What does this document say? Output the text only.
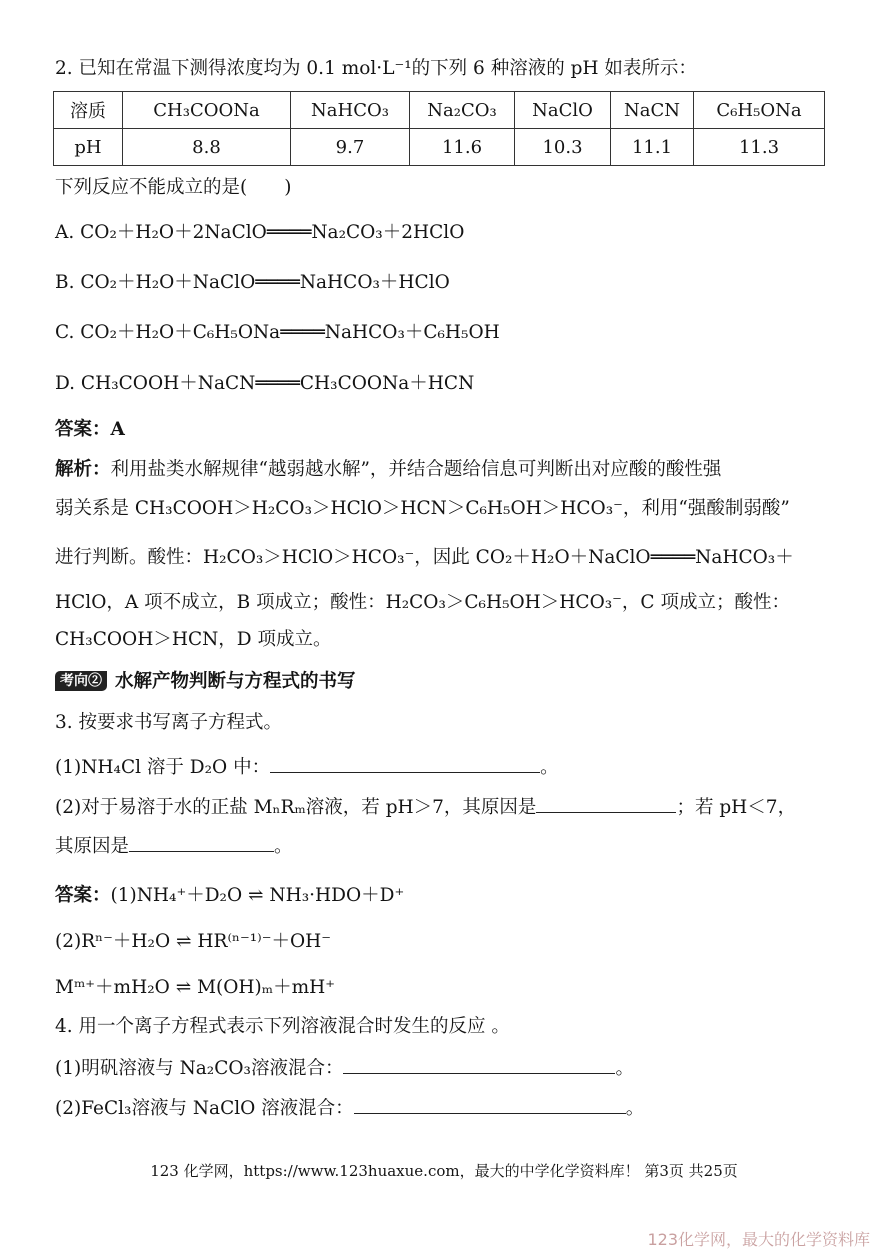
2. 已知在常温下测得浓度均为 0.1 mol·L⁻¹的下列 6 种溶液的 pH 如表所示：
溶质	CH₃COONa	NaHCO₃	Na₂CO₃	NaClO	NaCN	C₆H₅ONa
pH	8.8	9.7	11.6	10.3	11.1	11.3
下列反应不能成立的是(　　)
A. CO₂＋H₂O＋2NaClO════Na₂CO₃＋2HClO
B. CO₂＋H₂O＋NaClO════NaHCO₃＋HClO
C. CO₂＋H₂O＋C₆H₅ONa════NaHCO₃＋C₆H₅OH
D. CH₃COOH＋NaCN════CH₃COONa＋HCN
答案：A
解析：利用盐类水解规律“越弱越水解”，并结合题给信息可判断出对应酸的酸性强
弱关系是 CH₃COOH＞H₂CO₃＞HClO＞HCN＞C₆H₅OH＞HCO₃⁻，利用“强酸制弱酸”
进行判断。酸性：H₂CO₃＞HClO＞HCO₃⁻，因此 CO₂＋H₂O＋NaClO════NaHCO₃＋
HClO，A 项不成立，B 项成立；酸性：H₂CO₃＞C₆H₅OH＞HCO₃⁻，C 项成立；酸性：
CH₃COOH＞HCN，D 项成立。
考向② 水解产物判断与方程式的书写
3. 按要求书写离子方程式。
(1)NH₄Cl 溶于 D₂O 中：	。
(2)对于易溶于水的正盐 MₙRₘ溶液，若 pH＞7，其原因是	；若 pH＜7，
其原因是	。
答案：(1)NH₄⁺＋D₂O ⇌ NH₃·HDO＋D⁺
(2)Rⁿ⁻＋H₂O ⇌ HR⁽ⁿ⁻¹⁾⁻＋OH⁻
Mᵐ⁺＋mH₂O ⇌ M(OH)ₘ＋mH⁺
4. 用一个离子方程式表示下列溶液混合时发生的反应 。
(1)明矾溶液与 Na₂CO₃溶液混合：	。
(2)FeCl₃溶液与 NaClO 溶液混合：	。
123 化学网，https://www.123huaxue.com，最大的中学化学资料库！ 第3页 共25页
123化学网，最大的化学资料库
